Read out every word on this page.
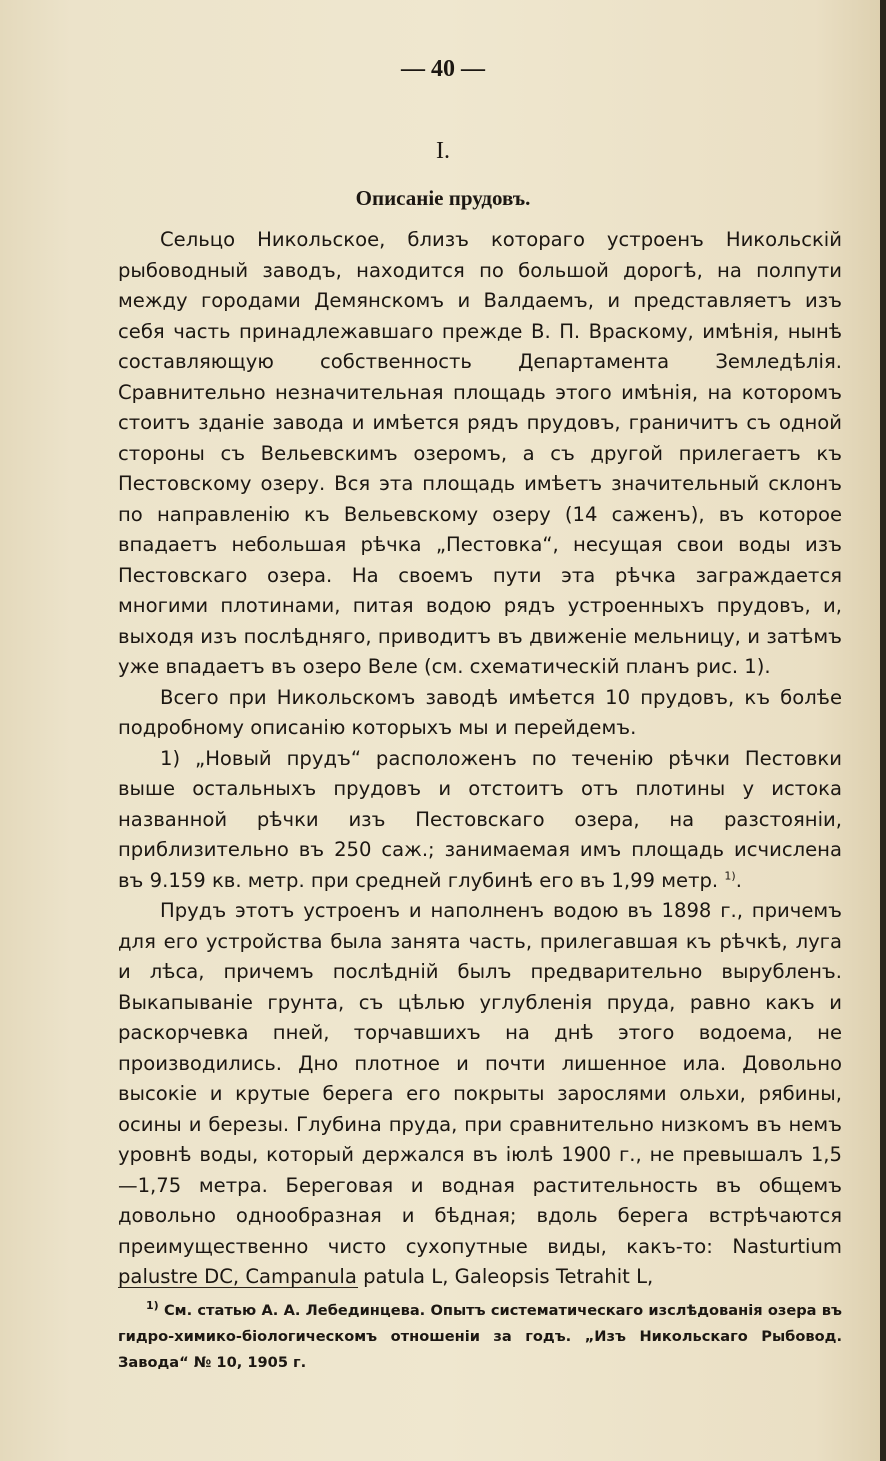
— 40 —
I.
Описаніе прудовъ.

Сельцо Никольское, близъ котораго устроенъ Никольскій рыбоводный заводъ, находится по большой дорогѣ, на полпути между городами Демянскомъ и Валдаемъ, и представляетъ изъ себя часть принадлежавшаго прежде В. П. Враскому, имѣнія, нынѣ составляющую собственность Департамента Земледѣлія. Сравнительно незначительная площадь этого имѣнія, на которомъ стоитъ зданіе завода и имѣется рядъ прудовъ, граничитъ съ одной стороны съ Вельевскимъ озеромъ, а съ другой прилегаетъ къ Пестовскому озеру. Вся эта площадь имѣетъ значительный склонъ по направленію къ Вельевскому озеру (14 саженъ), въ которое впадаетъ небольшая рѣчка „Пестовка“, несущая свои воды изъ Пестовскаго озера. На своемъ пути эта рѣчка заграждается многими плотинами, питая водою рядъ устроенныхъ прудовъ, и, выходя изъ послѣдняго, приводитъ въ движеніе мельницу, и затѣмъ уже впадаетъ въ озеро Веле (см. схематическій планъ рис. 1).

Всего при Никольскомъ заводѣ имѣется 10 прудовъ, къ болѣе подробному описанію которыхъ мы и перейдемъ.

1) „Новый прудъ“ расположенъ по теченію рѣчки Пестовки выше остальныхъ прудовъ и отстоитъ отъ плотины у истока названной рѣчки изъ Пестовскаго озера, на разстояніи, приблизительно въ 250 саж.; занимаемая имъ площадь исчислена въ 9.159 кв. метр. при средней глубинѣ его въ 1,99 метр. $^{1)}$.

Прудъ этотъ устроенъ и наполненъ водою въ 1898 г., причемъ для его устройства была занята часть, прилегавшая къ рѣчкѣ, луга и лѣса, причемъ послѣдній былъ предварительно вырубленъ. Выкапываніе грунта, съ цѣлью углубленія пруда, равно какъ и раскорчевка пней, торчавшихъ на днѣ этого водоема, не производились. Дно плотное и почти лишенное ила. Довольно высокіе и крутые берега его покрыты зарослями ольхи, рябины, осины и березы. Глубина пруда, при сравнительно низкомъ въ немъ уровнѣ воды, который держался въ іюлѣ 1900 г., не превышалъ 1,5—1,75 метра. Береговая и водная растительность въ общемъ довольно однообразная и бѣдная; вдоль берега встрѣчаются преимущественно чисто сухопутные виды, какъ-то: Nasturtium palustre DC, Campanula patula L, Galeopsis Tetrahit L,

$^{1)}$ См. статью А. А. Лебединцева. Опытъ систематическаго изслѣдованія озера въ гидро-химико-біологическомъ отношеніи за годъ. „Изъ Никольскаго Рыбовод. Завода“ № 10, 1905 г.
